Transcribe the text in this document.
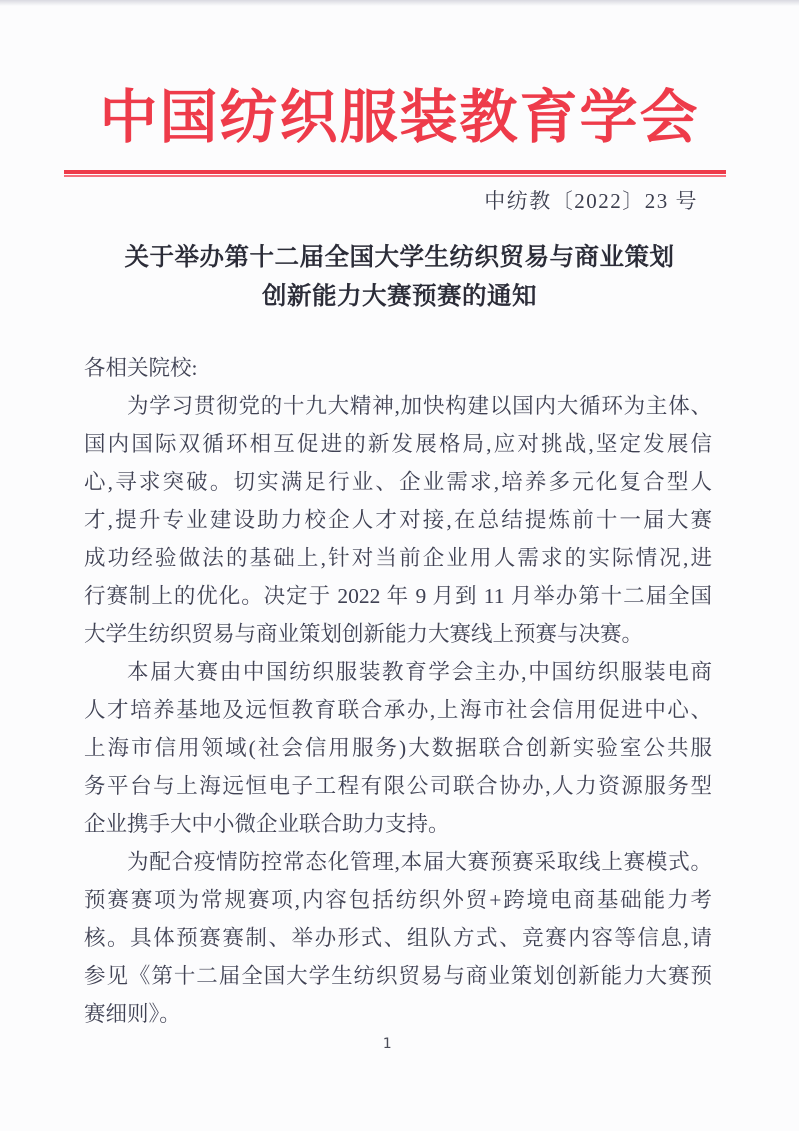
中国纺织服装教育学会
中纺教〔2022〕23 号
关于举办第十二届全国大学生纺织贸易与商业策划
创新能力大赛预赛的通知
各相关院校:
为学习贯彻党的十九大精神,加快构建以国内大循环为主体、
国内国际双循环相互促进的新发展格局,应对挑战,坚定发展信
心,寻求突破。切实满足行业、企业需求,培养多元化复合型人
才,提升专业建设助力校企人才对接,在总结提炼前十一届大赛
成功经验做法的基础上,针对当前企业用人需求的实际情况,进
行赛制上的优化。决定于 2022 年 9 月到 11 月举办第十二届全国
大学生纺织贸易与商业策划创新能力大赛线上预赛与决赛。
本届大赛由中国纺织服装教育学会主办,中国纺织服装电商
人才培养基地及远恒教育联合承办,上海市社会信用促进中心、
上海市信用领域(社会信用服务)大数据联合创新实验室公共服
务平台与上海远恒电子工程有限公司联合协办,人力资源服务型
企业携手大中小微企业联合助力支持。
为配合疫情防控常态化管理,本届大赛预赛采取线上赛模式。
预赛赛项为常规赛项,内容包括纺织外贸+跨境电商基础能力考
核。具体预赛赛制、举办形式、组队方式、竞赛内容等信息,请
参见《第十二届全国大学生纺织贸易与商业策划创新能力大赛预
赛细则》。
1
